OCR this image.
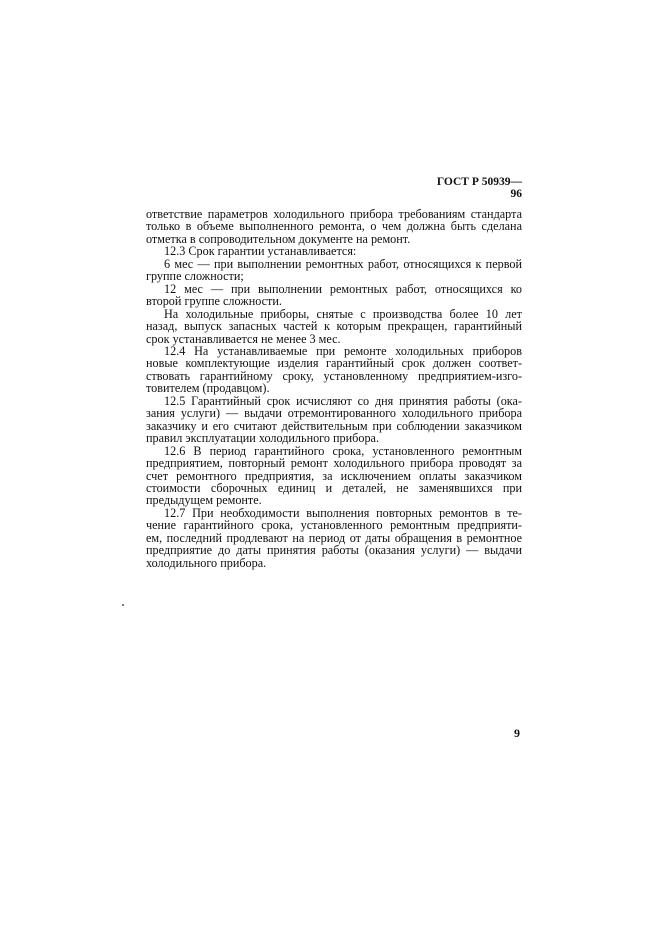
ГОСТ Р 50939—96
ответствие параметров холодильного прибора требованиям стандарта
только в объеме выполненного ремонта, о чем должна быть сделана
отметка в сопроводительном документе на ремонт.
12.3 Срок гарантии устанавливается:
6 мес — при выполнении ремонтных работ, относящихся к первой
группе сложности;
12 мес — при выполнении ремонтных работ, относящихся ко
второй группе сложности.
На холодильные приборы, снятые с производства более 10 лет
назад, выпуск запасных частей к которым прекращен, гарантийный
срок устанавливается не менее 3 мес.
12.4 На устанавливаемые при ремонте холодильных приборов
новые комплектующие изделия гарантийный срок должен соответ-
ствовать гарантийному сроку, установленному предприятием-изго-
товителем (продавцом).
12.5 Гарантийный срок исчисляют со дня принятия работы (ока-
зания услуги) — выдачи отремонтированного холодильного прибора
заказчику и его считают действительным при соблюдении заказчиком
правил эксплуатации холодильного прибора.
12.6 В период гарантийного срока, установленного ремонтным
предприятием, повторный ремонт холодильного прибора проводят за
счет ремонтного предприятия, за исключением оплаты заказчиком
стоимости сборочных единиц и деталей, не заменявшихся при
предыдущем ремонте.
12.7 При необходимости выполнения повторных ремонтов в те-
чение гарантийного срока, установленного ремонтным предприяти-
ем, последний продлевают на период от даты обращения в ремонтное
предприятие до даты принятия работы (оказания услуги) — выдачи
холодильного прибора.
9
